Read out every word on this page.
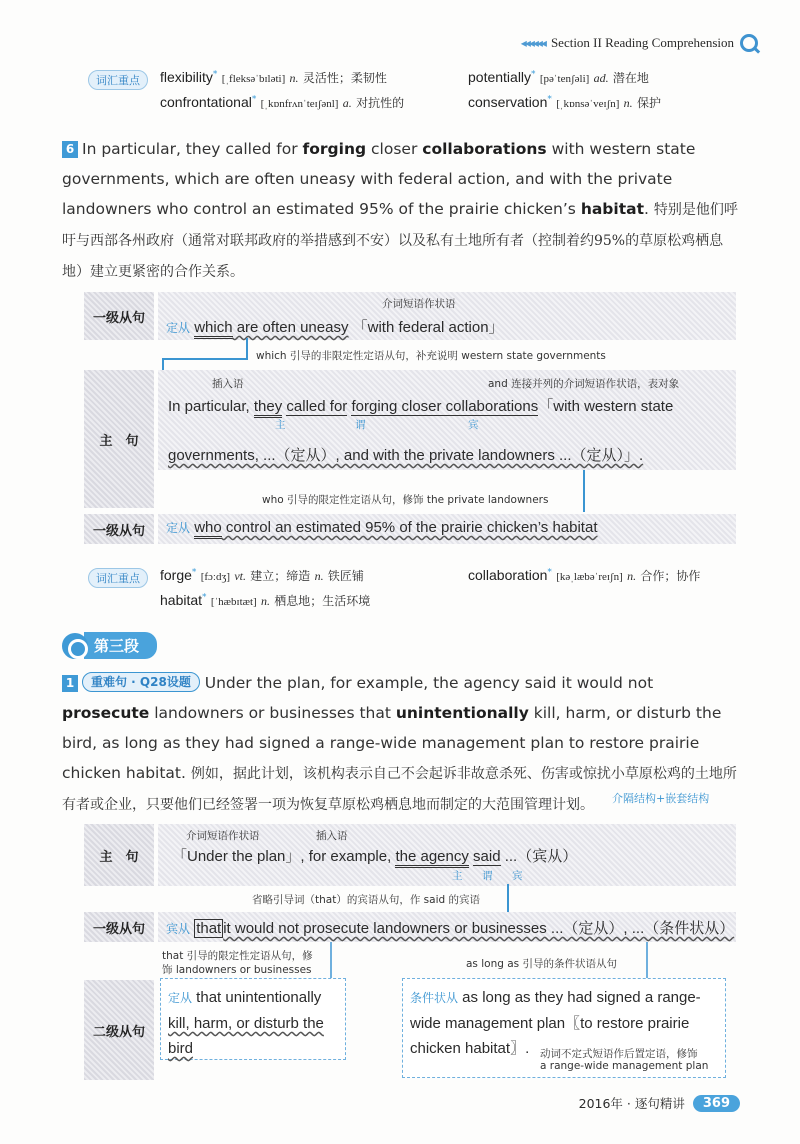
◂◂◂◂◂◂ Section II Reading Comprehension
词汇重点	flexibility* [ˌfleksəˈbɪləti] n. 灵活性；柔韧性	potentially* [pəˈtenʃəli] ad. 潜在地
confrontational* [ˌkɒnfrʌnˈteɪʃənl] a. 对抗性的	conservation* [ˌkɒnsəˈveɪʃn] n. 保护
6 In particular, they called for forging closer collaborations with western state governments, which are often uneasy with federal action, and with the private landowners who control an estimated 95% of the prairie chicken’s habitat. 特别是他们呼吁与西部各州政府（通常对联邦政府的举措感到不安）以及私有土地所有者（控制着约95%的草原松鸡栖息地）建立更紧密的合作关系。
一级从句
介词短语作状语
定从 which are often uneasy 「with federal action」
which 引导的非限定性定语从句，补充说明 western state governments
主　句
插入语	and 连接并列的介词短语作状语，表对象
In particular, they called for forging closer collaborations「with western state
主	谓	宾
governments, ...（定从）, and with the private landowners ...（定从）」.
who 引导的限定性定语从句，修饰 the private landowners
一级从句	定从 who control an estimated 95% of the prairie chicken’s habitat
词汇重点	forge* [fɔːdʒ] vt. 建立；缔造 n. 铁匠铺	collaboration* [kəˌlæbəˈreɪʃn] n. 合作；协作
habitat* [ˈhæbɪtæt] n. 栖息地；生活环境
第三段
1 重难句 · Q28设题 Under the plan, for example, the agency said it would not prosecute landowners or businesses that unintentionally kill, harm, or disturb the bird, as long as they had signed a range-wide management plan to restore prairie chicken habitat. 例如，据此计划，该机构表示自己不会起诉非故意杀死、伤害或惊扰小草原松鸡的土地所有者或企业，只要他们已经签署一项为恢复草原松鸡栖息地而制定的大范围管理计划。	介隔结构+嵌套结构
主　句
介词短语作状语	插入语
「Under the plan」, for example, the agency said ...（宾从）
主 谓 宾
省略引导词（that）的宾语从句，作 said 的宾语
一级从句	宾从 that it would not prosecute landowners or businesses ...（定从）, ...（条件状从）
that 引导的限定性定语从句，修
饰 landowners or businesses	as long as 引导的条件状语从句
二级从句
定从 that unintentionally
kill, harm, or disturb the
bird
条件状从 as long as they had signed a range-
wide management plan〖to restore prairie
chicken habitat〗.	动词不定式短语作后置定语，修饰
a range-wide management plan
2016年 · 逐句精讲	369
